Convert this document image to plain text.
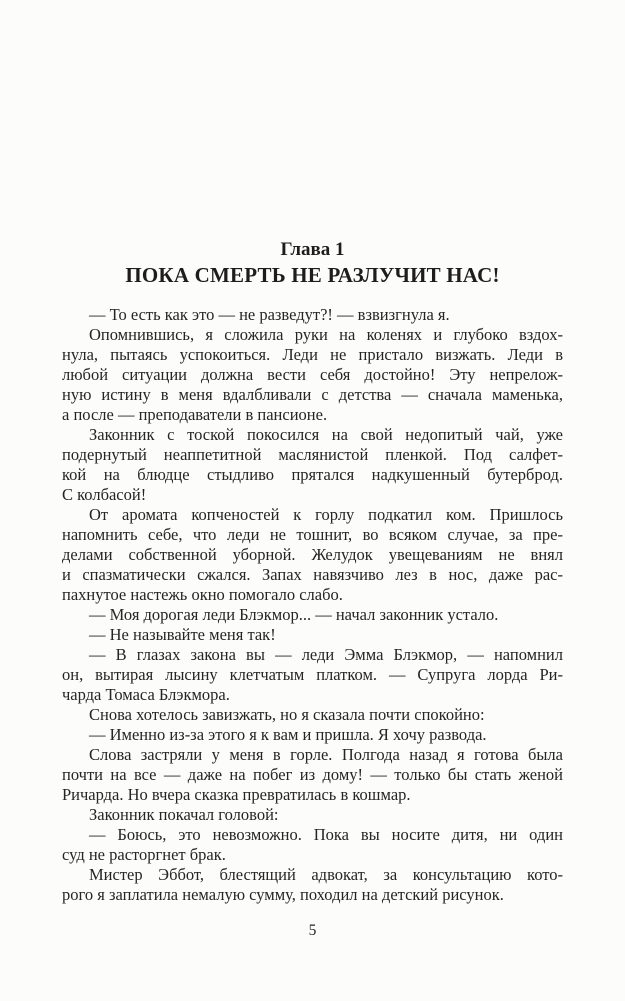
Глава 1
ПОКА СМЕРТЬ НЕ РАЗЛУЧИТ НАС!
— То есть как это — не разведут?! — взвизгнула я.
Опомнившись, я сложила руки на коленях и глубоко вздох-
нула, пытаясь успокоиться. Леди не пристало визжать. Леди в
любой ситуации должна вести себя достойно! Эту непрелож-
ную истину в меня вдалбливали с детства — сначала маменька,
а после — преподаватели в пансионе.
Законник с тоской покосился на свой недопитый чай, уже
подернутый неаппетитной маслянистой пленкой. Под салфет-
кой на блюдце стыдливо прятался надкушенный бутерброд.
С колбасой!
От аромата копченостей к горлу подкатил ком. Пришлось
напомнить себе, что леди не тошнит, во всяком случае, за пре-
делами собственной уборной. Желудок увещеваниям не внял
и спазматически сжался. Запах навязчиво лез в нос, даже рас-
пахнутое настежь окно помогало слабо.
— Моя дорогая леди Блэкмор... — начал законник устало.
— Не называйте меня так!
— В глазах закона вы — леди Эмма Блэкмор, — напомнил
он, вытирая лысину клетчатым платком. — Супруга лорда Ри-
чарда Томаса Блэкмора.
Снова хотелось завизжать, но я сказала почти спокойно:
— Именно из-за этого я к вам и пришла. Я хочу развода.
Слова застряли у меня в горле. Полгода назад я готова была
почти на все — даже на побег из дому! — только бы стать женой
Ричарда. Но вчера сказка превратилась в кошмар.
Законник покачал головой:
— Боюсь, это невозможно. Пока вы носите дитя, ни один
суд не расторгнет брак.
Мистер Эббот, блестящий адвокат, за консультацию кото-
рого я заплатила немалую сумму, походил на детский рисунок.
5
